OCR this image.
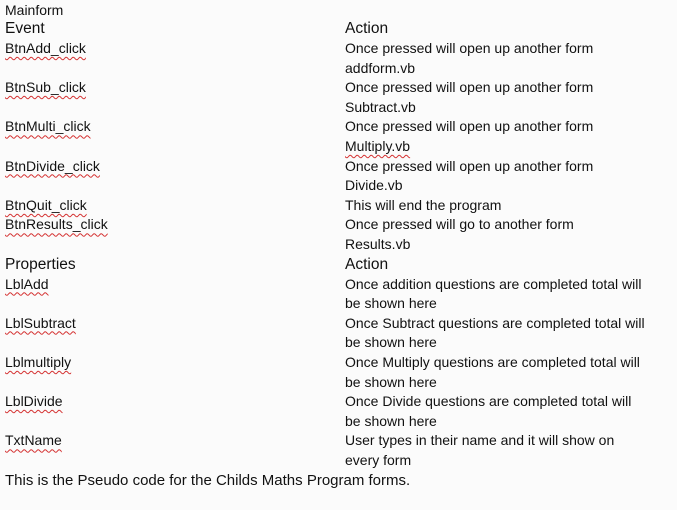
Mainform
Event	Action
BtnAdd_click	Once pressed will open up another form
addform.vb
BtnSub_click	Once pressed will open up another form
Subtract.vb
BtnMulti_click	Once pressed will open up another form
Multiply.vb
BtnDivide_click	Once pressed will open up another form
Divide.vb
BtnQuit_click	This will end the program
BtnResults_click	Once pressed will go to another form
Results.vb
Properties	Action
LblAdd	Once addition questions are completed total will
be shown here
LblSubtract	Once Subtract questions are completed total will
be shown here
Lblmultiply	Once Multiply questions are completed total will
be shown here
LblDivide	Once Divide questions are completed total will
be shown here
TxtName	User types in their name and it will show on
every form
This is the Pseudo code for the Childs Maths Program forms.
